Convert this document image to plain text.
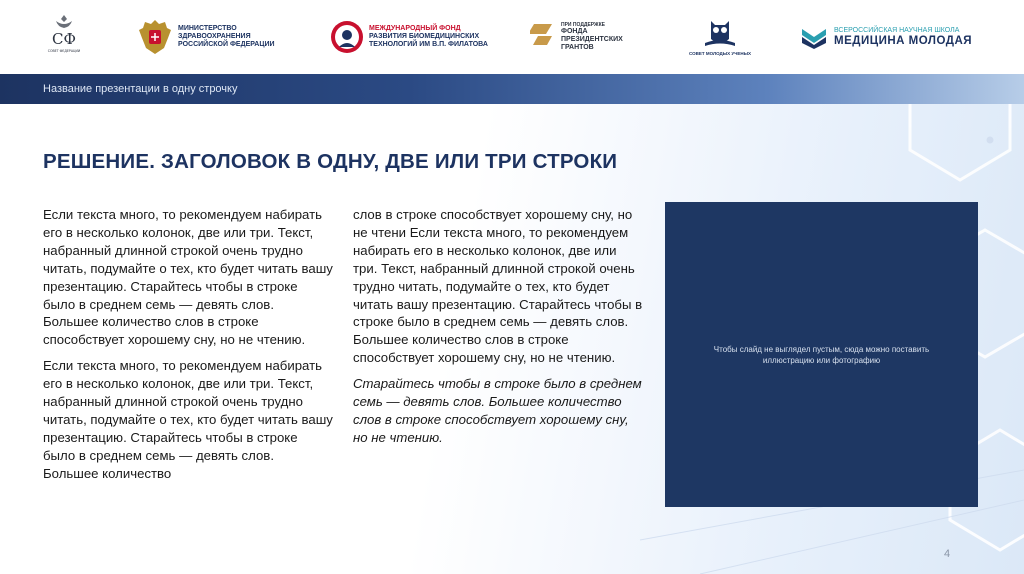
СФ
СОВЕТ ФЕДЕРАЦИИ
МИНИСТЕРСТВО
ЗДРАВООХРАНЕНИЯ
РОССИЙСКОЙ ФЕДЕРАЦИИ
МЕЖДУНАРОДНЫЙ ФОНД
РАЗВИТИЯ БИОМЕДИЦИНСКИХ
ТЕХНОЛОГИЙ ИМ В.П. ФИЛАТОВА
ПРИ ПОДДЕРЖКЕ
ФОНДА
ПРЕЗИДЕНТСКИХ
ГРАНТОВ
СОВЕТ МОЛОДЫХ УЧЕНЫХ
ВСЕРОССИЙСКАЯ НАУЧНАЯ ШКОЛА
МЕДИЦИНА МОЛОДАЯ
Название презентации в одну строчку
РЕШЕНИЕ. ЗАГОЛОВОК В ОДНУ, ДВЕ ИЛИ ТРИ СТРОКИ

Если текста много, то рекомендуем набирать его в несколько колонок, две или три. Текст, набранный длинной строкой очень трудно читать, подумайте о тех, кто будет читать вашу презентацию. Старайтесь чтобы в строке было в среднем семь — девять слов. Большее количество слов в строке способствует хорошему сну, но не чтению.

Если текста много, то рекомендуем набирать его в несколько колонок, две или три. Текст, набранный длинной строкой очень трудно читать, подумайте о тех, кто будет читать вашу презентацию. Старайтесь чтобы в строке было в среднем семь — девять слов. Большее количество

слов в строке способствует хорошему сну, но не чтени Если текста много, то рекомендуем набирать его в несколько колонок, две или три. Текст, набранный длинной строкой очень трудно читать, подумайте о тех, кто будет читать вашу презентацию. Старайтесь чтобы в строке было в среднем семь — девять слов. Большее количество слов в строке способствует хорошему сну, но не чтению.

Старайтесь чтобы в строке было в среднем семь — девять слов. Большее количество слов в строке способствует хорошему сну, но не чтению.

Чтобы слайд не выглядел пустым, сюда можно поставить иллюстрацию или фотографию
4
